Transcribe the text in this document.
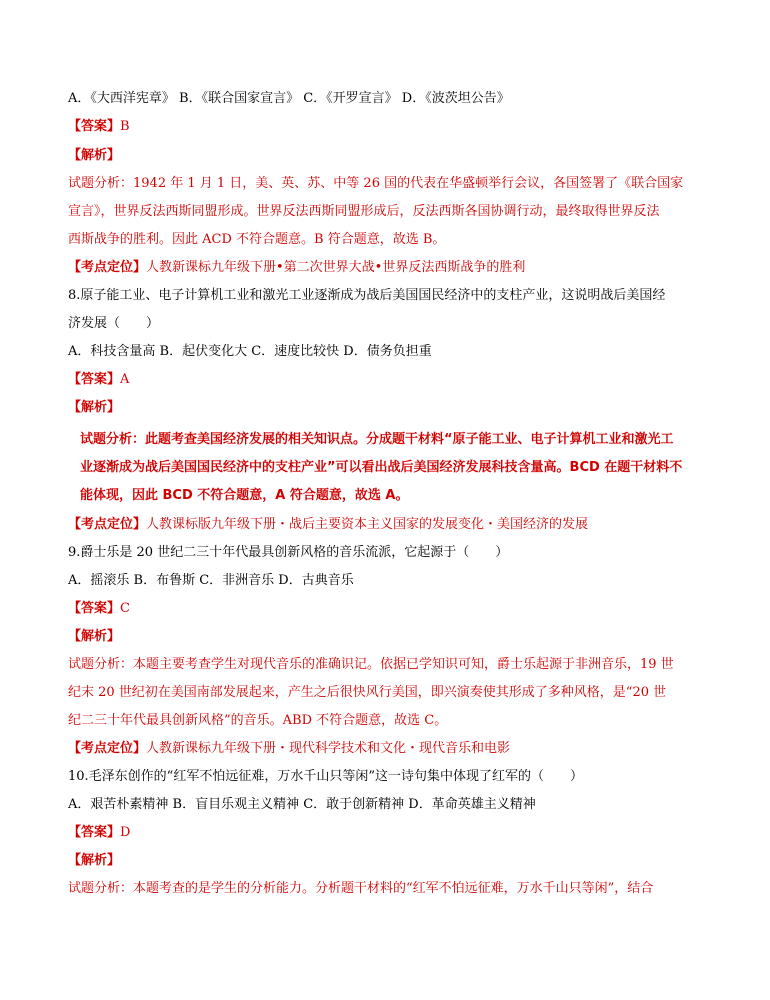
A．《大西洋宪章》 B．《联合国家宣言》 C．《开罗宣言》 D．《波茨坦公告》
【答案】B
【解析】
试题分析：1942 年 1 月 1 日，美、英、苏、中等 26 国的代表在华盛顿举行会议，各国签署了《联合国家
宣言》，世界反法西斯同盟形成。世界反法西斯同盟形成后，反法西斯各国协调行动，最终取得世界反法
西斯战争的胜利。因此 ACD 不符合题意。B 符合题意，故选 B。
【考点定位】人教新课标九年级下册•第二次世界大战•世界反法西斯战争的胜利
8.原子能工业、电子计算机工业和激光工业逐渐成为战后美国国民经济中的支柱产业，这说明战后美国经
济发展（　　）
A．科技含量高 B．起伏变化大 C．速度比较快 D．债务负担重
【答案】A
【解析】
试题分析：此题考查美国经济发展的相关知识点。分成题干材料“原子能工业、电子计算机工业和激光工
业逐渐成为战后美国国民经济中的支柱产业”可以看出战后美国经济发展科技含量高。BCD 在题干材料不
能体现，因此 BCD 不符合题意，A 符合题意，故选 A。
【考点定位】人教课标版九年级下册・战后主要资本主义国家的发展变化・美国经济的发展
9.爵士乐是 20 世纪二三十年代最具创新风格的音乐流派，它起源于（　　）
A．摇滚乐 B．布鲁斯 C．非洲音乐 D．古典音乐
【答案】C
【解析】
试题分析：本题主要考查学生对现代音乐的准确识记。依据已学知识可知，爵士乐起源于非洲音乐，19 世
纪末 20 世纪初在美国南部发展起来，产生之后很快风行美国，即兴演奏使其形成了多种风格，是“20 世
纪二三十年代最具创新风格”的音乐。ABD 不符合题意，故选 C。
【考点定位】人教新课标九年级下册・现代科学技术和文化・现代音乐和电影
10.毛泽东创作的“红军不怕远征难，万水千山只等闲”这一诗句集中体现了红军的（　　）
A．艰苦朴素精神 B．盲目乐观主义精神 C．敢于创新精神 D．革命英雄主义精神
【答案】D
【解析】
试题分析：本题考查的是学生的分析能力。分析题干材料的“红军不怕远征难，万水千山只等闲”，结合
